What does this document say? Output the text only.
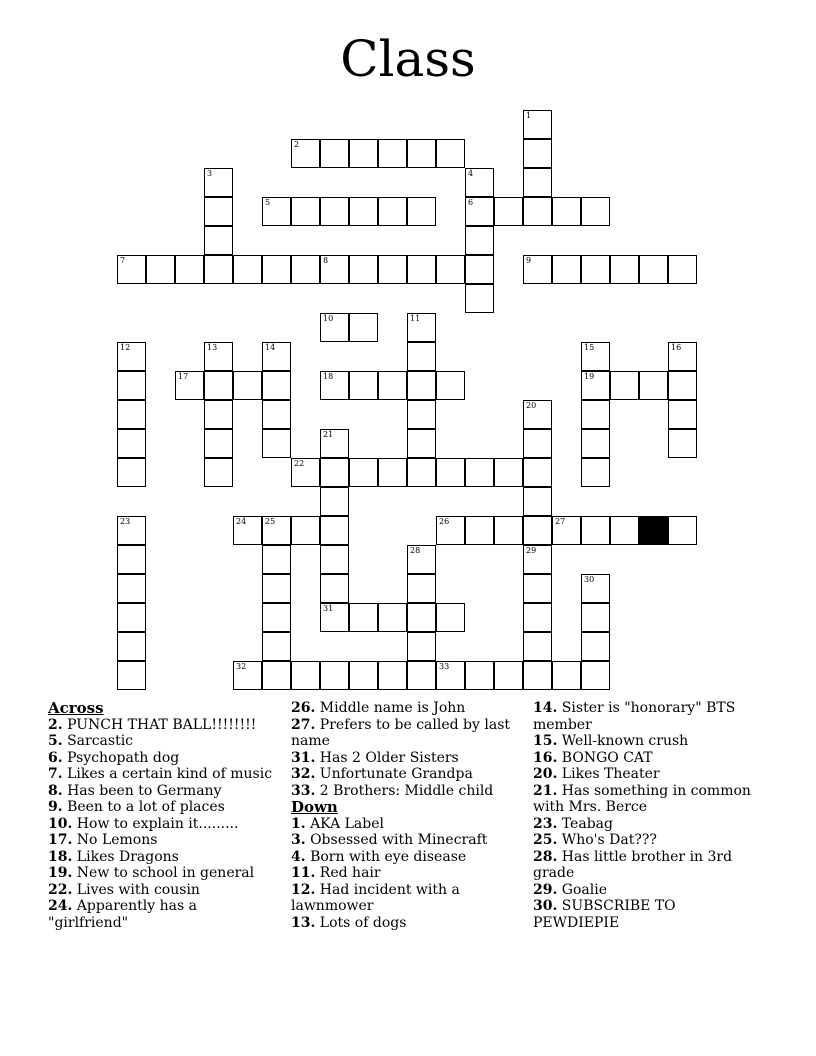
Class
1
2
3	4
5	6
7	8	9
10	11
12	13	14	15	16
17	18	19
20
21
22
23	24 25	26	27
28	29
30
31
32	33
Across
2. PUNCH THAT BALL!!!!!!!!
5. Sarcastic
6. Psychopath dog
7. Likes a certain kind of music
8. Has been to Germany
9. Been to a lot of places
10. How to explain it.........
17. No Lemons
18. Likes Dragons
19. New to school in general
22. Lives with cousin
24. Apparently has a "girlfriend"
26. Middle name is John
27. Prefers to be called by last name
31. Has 2 Older Sisters
32. Unfortunate Grandpa
33. 2 Brothers: Middle child
Down
1. AKA Label
3. Obsessed with Minecraft
4. Born with eye disease
11. Red hair
12. Had incident with a lawnmower
13. Lots of dogs
14. Sister is "honorary" BTS member
15. Well-known crush
16. BONGO CAT
20. Likes Theater
21. Has something in common with Mrs. Berce
23. Teabag
25. Who's Dat???
28. Has little brother in 3rd grade
29. Goalie
30. SUBSCRIBE TO PEWDIEPIE
